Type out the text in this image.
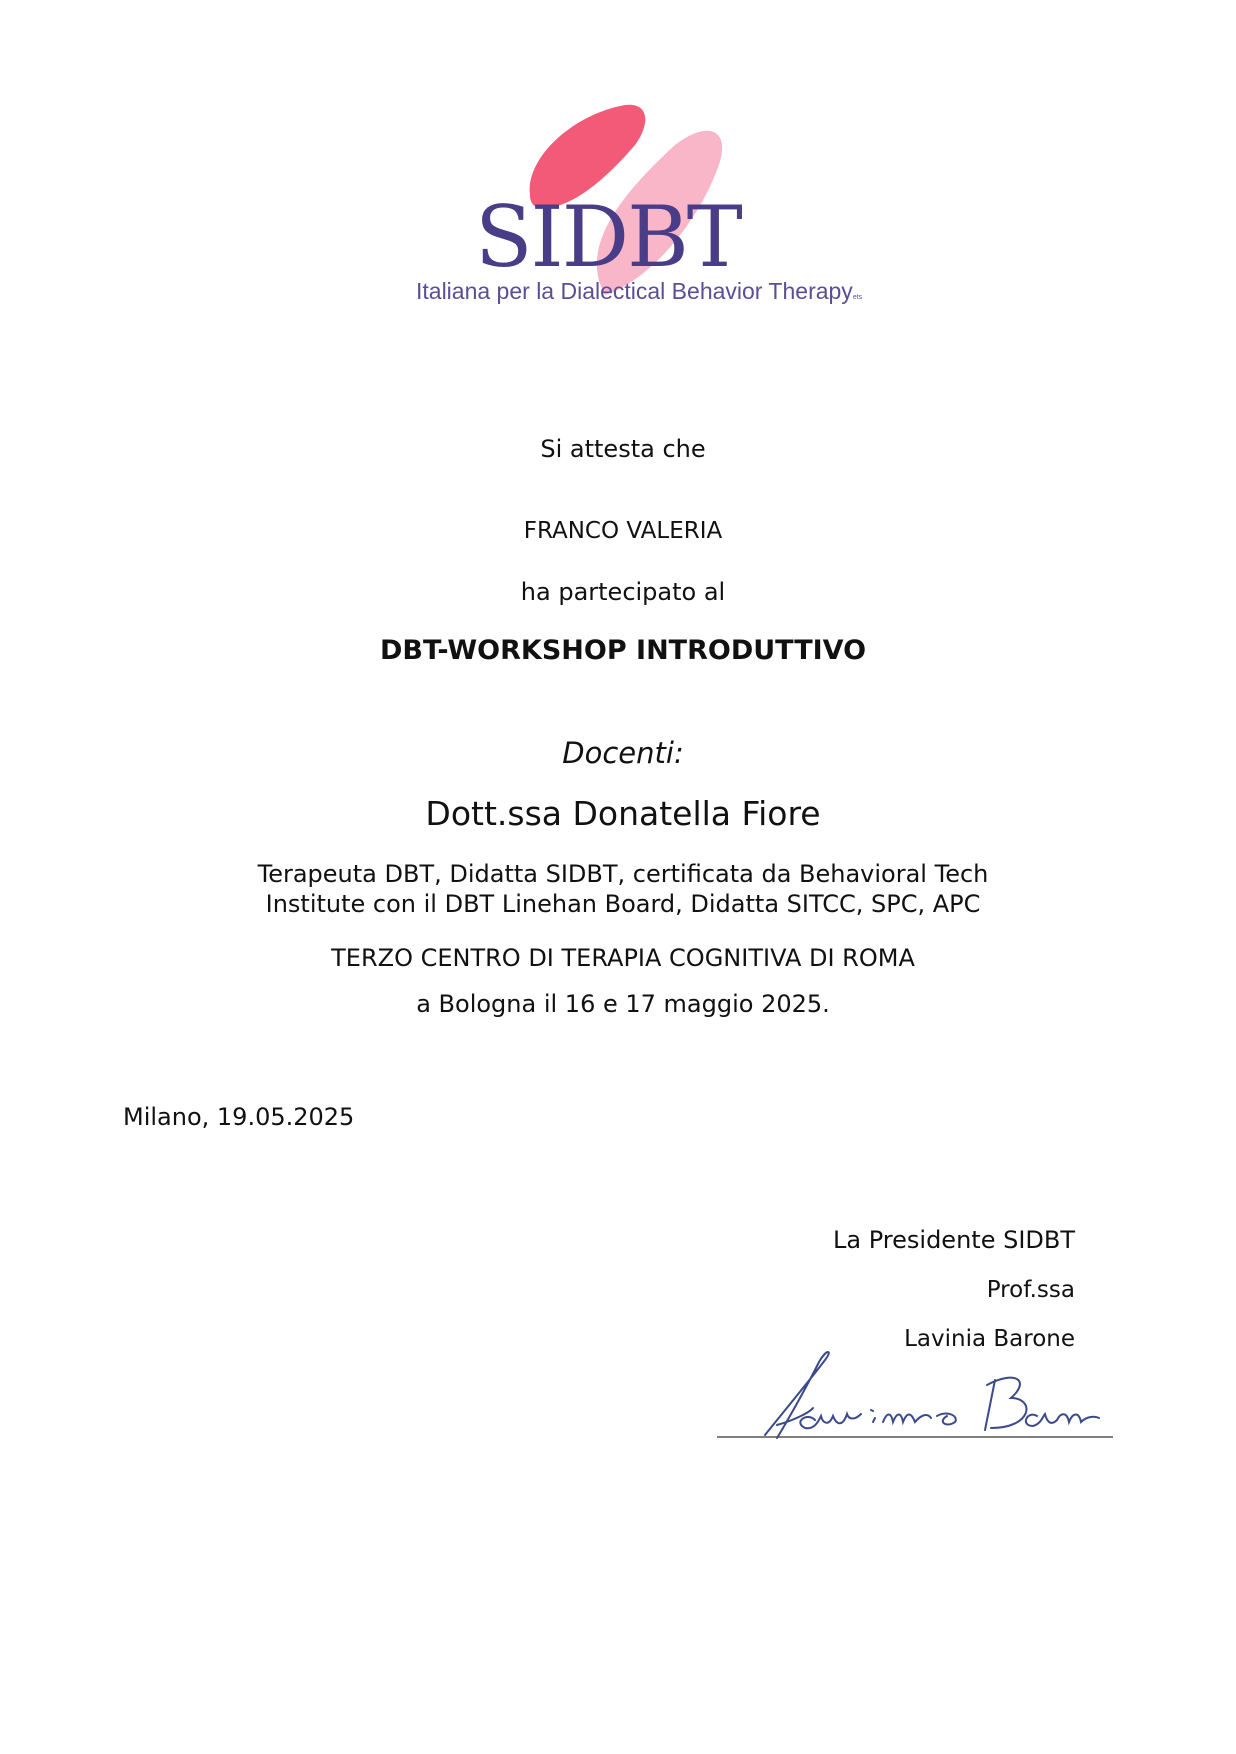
SIDBT
Italiana per la Dialectical Behavior Therapyets
Si attesta che
FRANCO VALERIA
ha partecipato al
DBT-WORKSHOP INTRODUTTIVO
Docenti:
Dott.ssa Donatella Fiore
Terapeuta DBT, Didatta SIDBT, certificata da Behavioral Tech
Institute con il DBT Linehan Board, Didatta SITCC, SPC, APC
TERZO CENTRO DI TERAPIA COGNITIVA DI ROMA
a Bologna il 16 e 17 maggio 2025.
Milano, 19.05.2025
La Presidente SIDBT
Prof.ssa
Lavinia Barone
